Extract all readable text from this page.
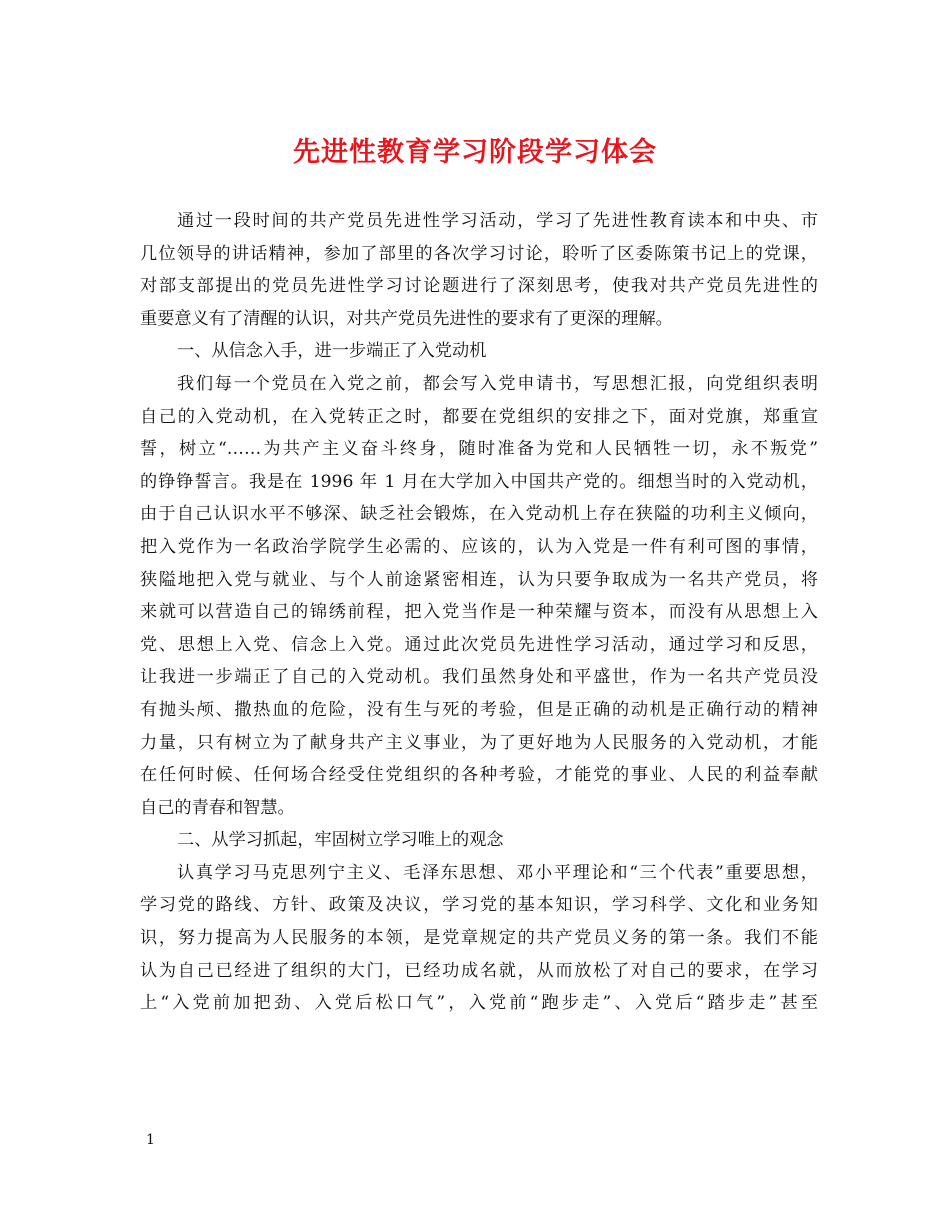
先进性教育学习阶段学习体会
通过一段时间的共产党员先进性学习活动，学习了先进性教育读本和中央、市
几位领导的讲话精神，参加了部里的各次学习讨论，聆听了区委陈策书记上的党课，
对部支部提出的党员先进性学习讨论题进行了深刻思考，使我对共产党员先进性的
重要意义有了清醒的认识，对共产党员先进性的要求有了更深的理解。
一、从信念入手，进一步端正了入党动机
我们每一个党员在入党之前，都会写入党申请书，写思想汇报，向党组织表明
自己的入党动机，在入党转正之时，都要在党组织的安排之下，面对党旗，郑重宣
誓，树立“……为共产主义奋斗终身，随时准备为党和人民牺牲一切，永不叛党”
的铮铮誓言。我是在 1996 年 1 月在大学加入中国共产党的。细想当时的入党动机，
由于自己认识水平不够深、缺乏社会锻炼，在入党动机上存在狭隘的功利主义倾向，
把入党作为一名政治学院学生必需的、应该的，认为入党是一件有利可图的事情，
狭隘地把入党与就业、与个人前途紧密相连，认为只要争取成为一名共产党员，将
来就可以营造自己的锦绣前程，把入党当作是一种荣耀与资本，而没有从思想上入
党、思想上入党、信念上入党。通过此次党员先进性学习活动，通过学习和反思，
让我进一步端正了自己的入党动机。我们虽然身处和平盛世，作为一名共产党员没
有抛头颅、撒热血的危险，没有生与死的考验，但是正确的动机是正确行动的精神
力量，只有树立为了献身共产主义事业，为了更好地为人民服务的入党动机，才能
在任何时候、任何场合经受住党组织的各种考验，才能党的事业、人民的利益奉献
自己的青春和智慧。
二、从学习抓起，牢固树立学习唯上的观念
认真学习马克思列宁主义、毛泽东思想、邓小平理论和“三个代表”重要思想，
学习党的路线、方针、政策及决议，学习党的基本知识，学习科学、文化和业务知
识，努力提高为人民服务的本领，是党章规定的共产党员义务的第一条。我们不能
认为自己已经进了组织的大门，已经功成名就，从而放松了对自己的要求，在学习
上“入党前加把劲、入党后松口气”，入党前“跑步走”、入党后“踏步走”甚至
1
